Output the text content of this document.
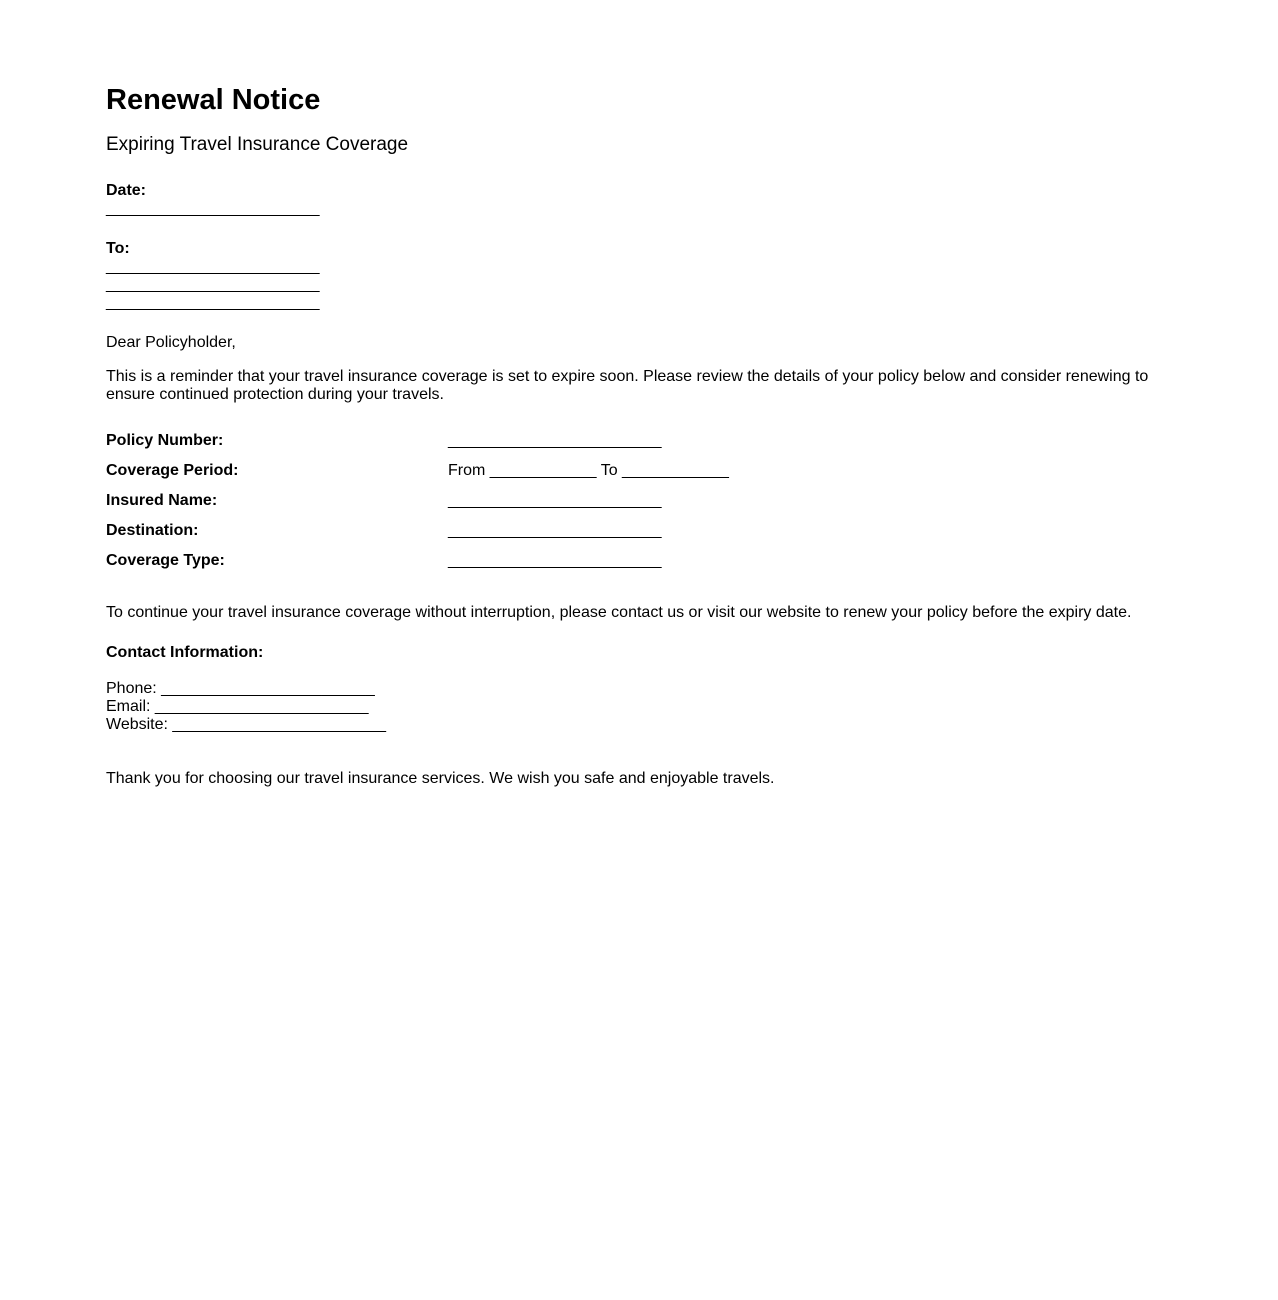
Renewal Notice

Expiring Travel Insurance Coverage

Date:
________________________
To:
________________________
________________________
________________________
Dear Policyholder,

This is a reminder that your travel insurance coverage is set to expire soon. Please review the details of your policy below and consider renewing to ensure continued protection during your travels.

Policy Number:	________________________
Coverage Period:	From ____________ To ____________
Insured Name:	________________________
Destination:	________________________
Coverage Type:	________________________

To continue your travel insurance coverage without interruption, please contact us or visit our website to renew your policy before the expiry date.

Contact Information:
Phone: ________________________
Email: ________________________
Website: ________________________

Thank you for choosing our travel insurance services. We wish you safe and enjoyable travels.
